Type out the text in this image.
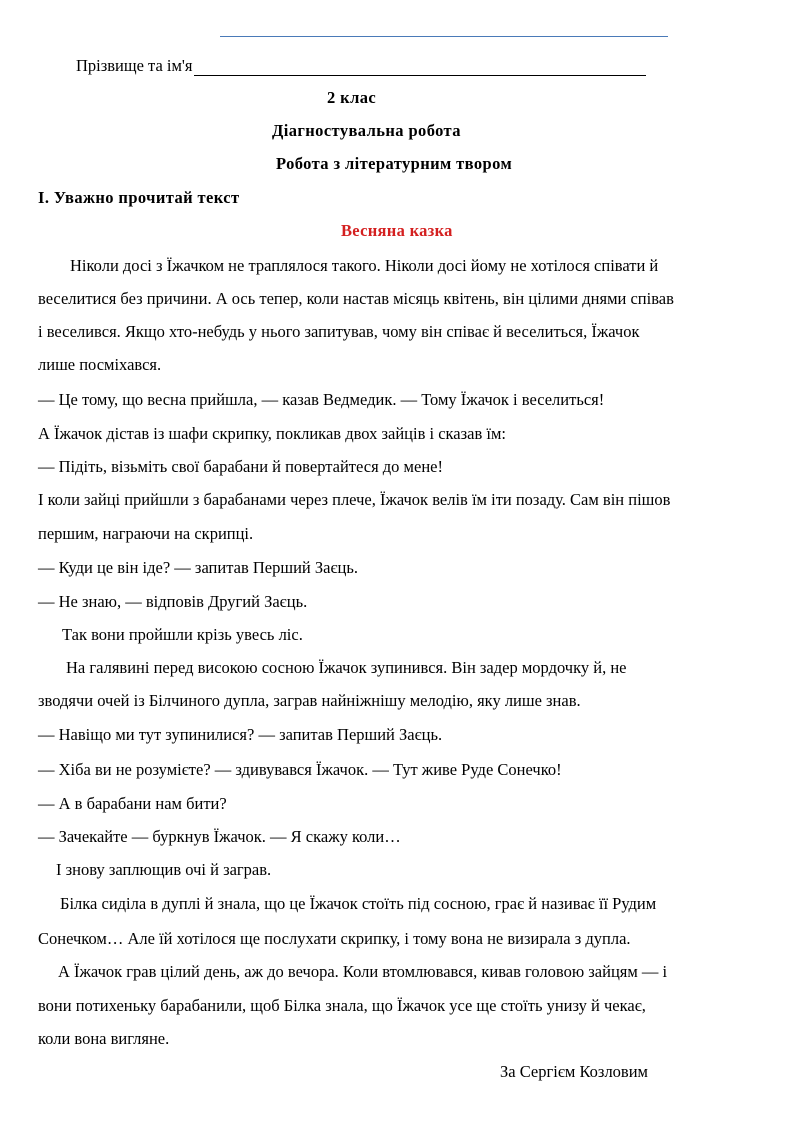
Прізвище та ім'я
2 клас
Діагностувальна робота
Робота з літературним твором
І. Уважно прочитай текст
Весняна казка
Ніколи досі з Їжачком не траплялося такого. Ніколи досі йому не хотілося співати й
веселитися без причини. А ось тепер, коли настав місяць квітень, він цілими днями співав
і веселився. Якщо хто-небудь у нього запитував, чому він співає й веселиться, Їжачок
лише посміхався.
— Це тому, що весна прийшла, — казав Ведмедик. — Тому Їжачок і веселиться!
А Їжачок дістав із шафи скрипку, покликав двох зайців і сказав їм:
— Підіть, візьміть свої барабани й повертайтеся до мене!
І коли зайці прийшли з барабанами через плече, Їжачок велів їм іти позаду. Сам він пішов
першим, награючи на скрипці.
— Куди це він іде? — запитав Перший Заєць.
— Не знаю, — відповів Другий Заєць.
Так вони пройшли крізь увесь ліс.
На галявині перед високою сосною Їжачок зупинився. Він задер мордочку й, не
зводячи очей із Білчиного дупла, заграв найніжнішу мелодію, яку лише знав.
— Навіщо ми тут зупинилися? — запитав Перший Заєць.
— Хіба ви не розумієте? — здивувався Їжачок. — Тут живе Руде Сонечко!
— А в барабани нам бити?
— Зачекайте — буркнув Їжачок. — Я скажу коли…
І знову заплющив очі й заграв.
Білка сиділа в дуплі й знала, що це Їжачок стоїть під сосною, грає й називає її Рудим
Сонечком… Але їй хотілося ще послухати скрипку, і тому вона не визирала з дупла.
А Їжачок грав цілий день, аж до вечора. Коли втомлювався, кивав головою зайцям — і
вони потихеньку барабанили, щоб Білка знала, що Їжачок усе ще стоїть унизу й чекає,
коли вона вигляне.
За Сергієм Козловим
